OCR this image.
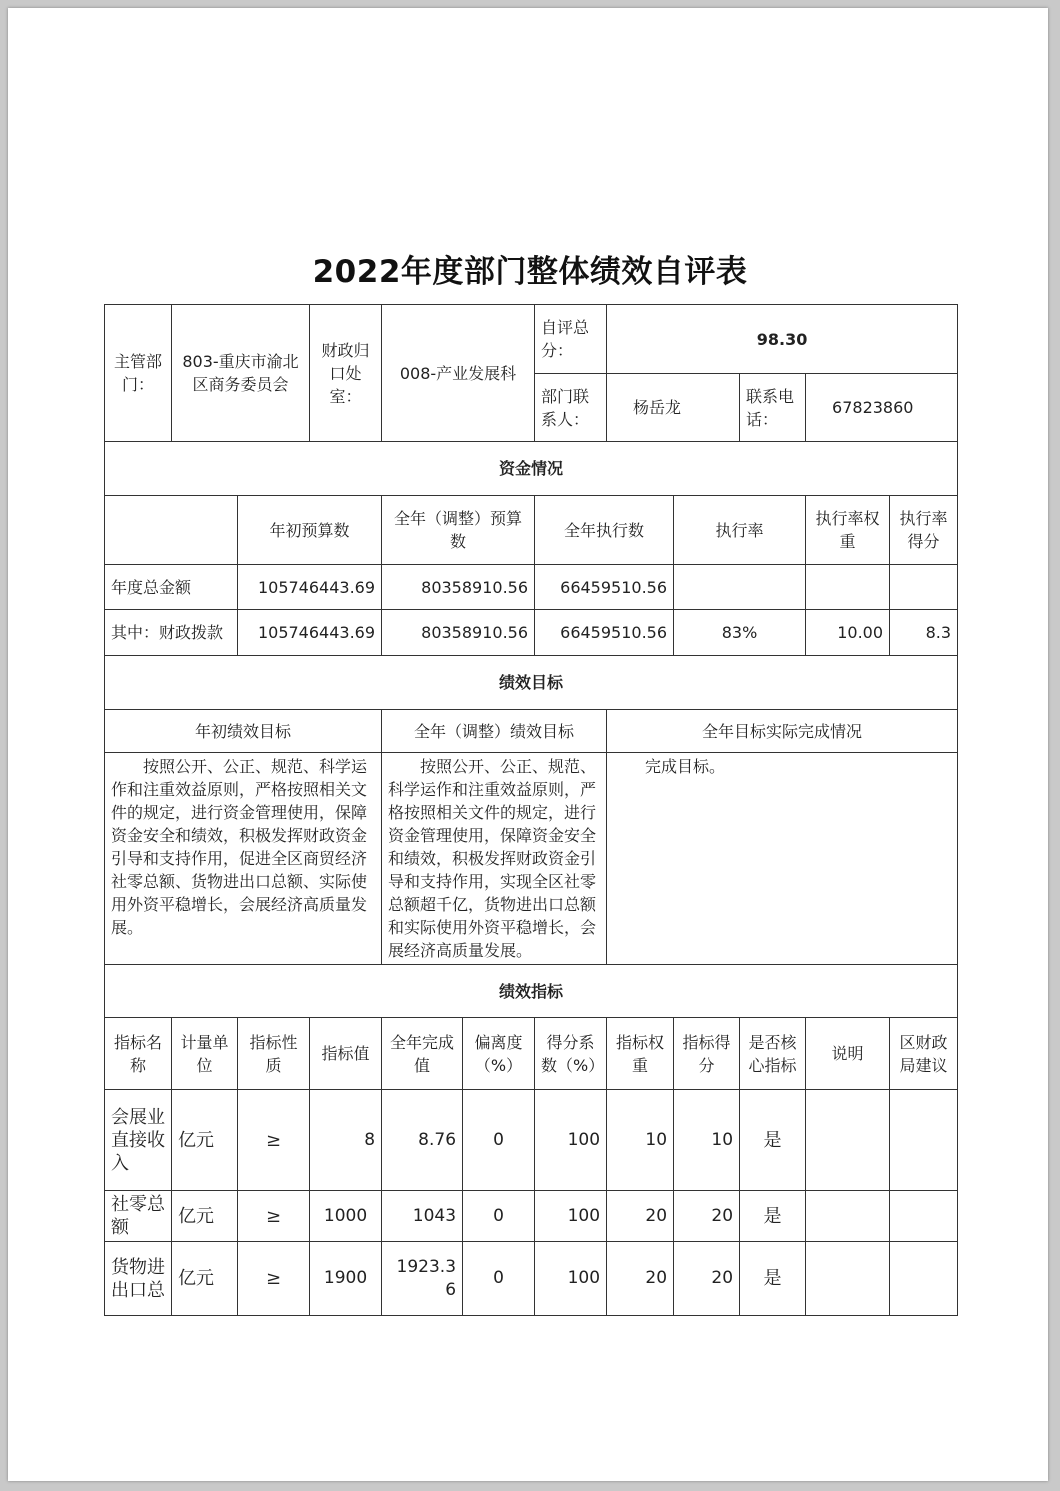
2022年度部门整体绩效自评表
主管部门：	803-重庆市渝北区商务委员会		财政归口处室：	008-产业发展科		自评总分：	98.30				
						部门联系人：	杨岳龙		联系电话：	67823860	
资金情况											
		年初预算数		全年（调整）预算数		全年执行数		执行率		执行率权重	执行率得分
年度总金额		105746443.69		80358910.56		66459510.56					
其中：财政拨款		105746443.69		80358910.56		66459510.56		83%		10.00	8.3
绩效目标											
年初绩效目标				全年（调整）绩效目标			全年目标实际完成情况				

按照公开、公正、规范、科学运作和注重效益原则，严格按照相关文件的规定，进行资金管理使用，保障资金安全和绩效，积极发挥财政资金引导和支持作用，促进全区商贸经济社零总额、货物进出口总额、实际使用外资平稳增长，会展经济高质量发展。				按照公开、公正、规范、科学运作和注重效益原则，严格按照相关文件的规定，进行资金管理使用，保障资金安全和绩效，积极发挥财政资金引导和支持作用，实现全区社零总额超千亿，货物进出口总额和实际使用外资平稳增长，会展经济高质量发展。			完成目标。				

绩效指标											
指标名称	计量单位	指标性质	指标值	全年完成值	偏离度（%）	得分系数（%）	指标权重	指标得分	是否核心指标	说明	区财政局建议
会展业直接收入	亿元	≥	8	8.76	0	100	10	10	是		
社零总额	亿元	≥	1000	1043	0	100	20	20	是		
货物进出口总	亿元	≥	1900	1923.36	0	100	20	20	是		
